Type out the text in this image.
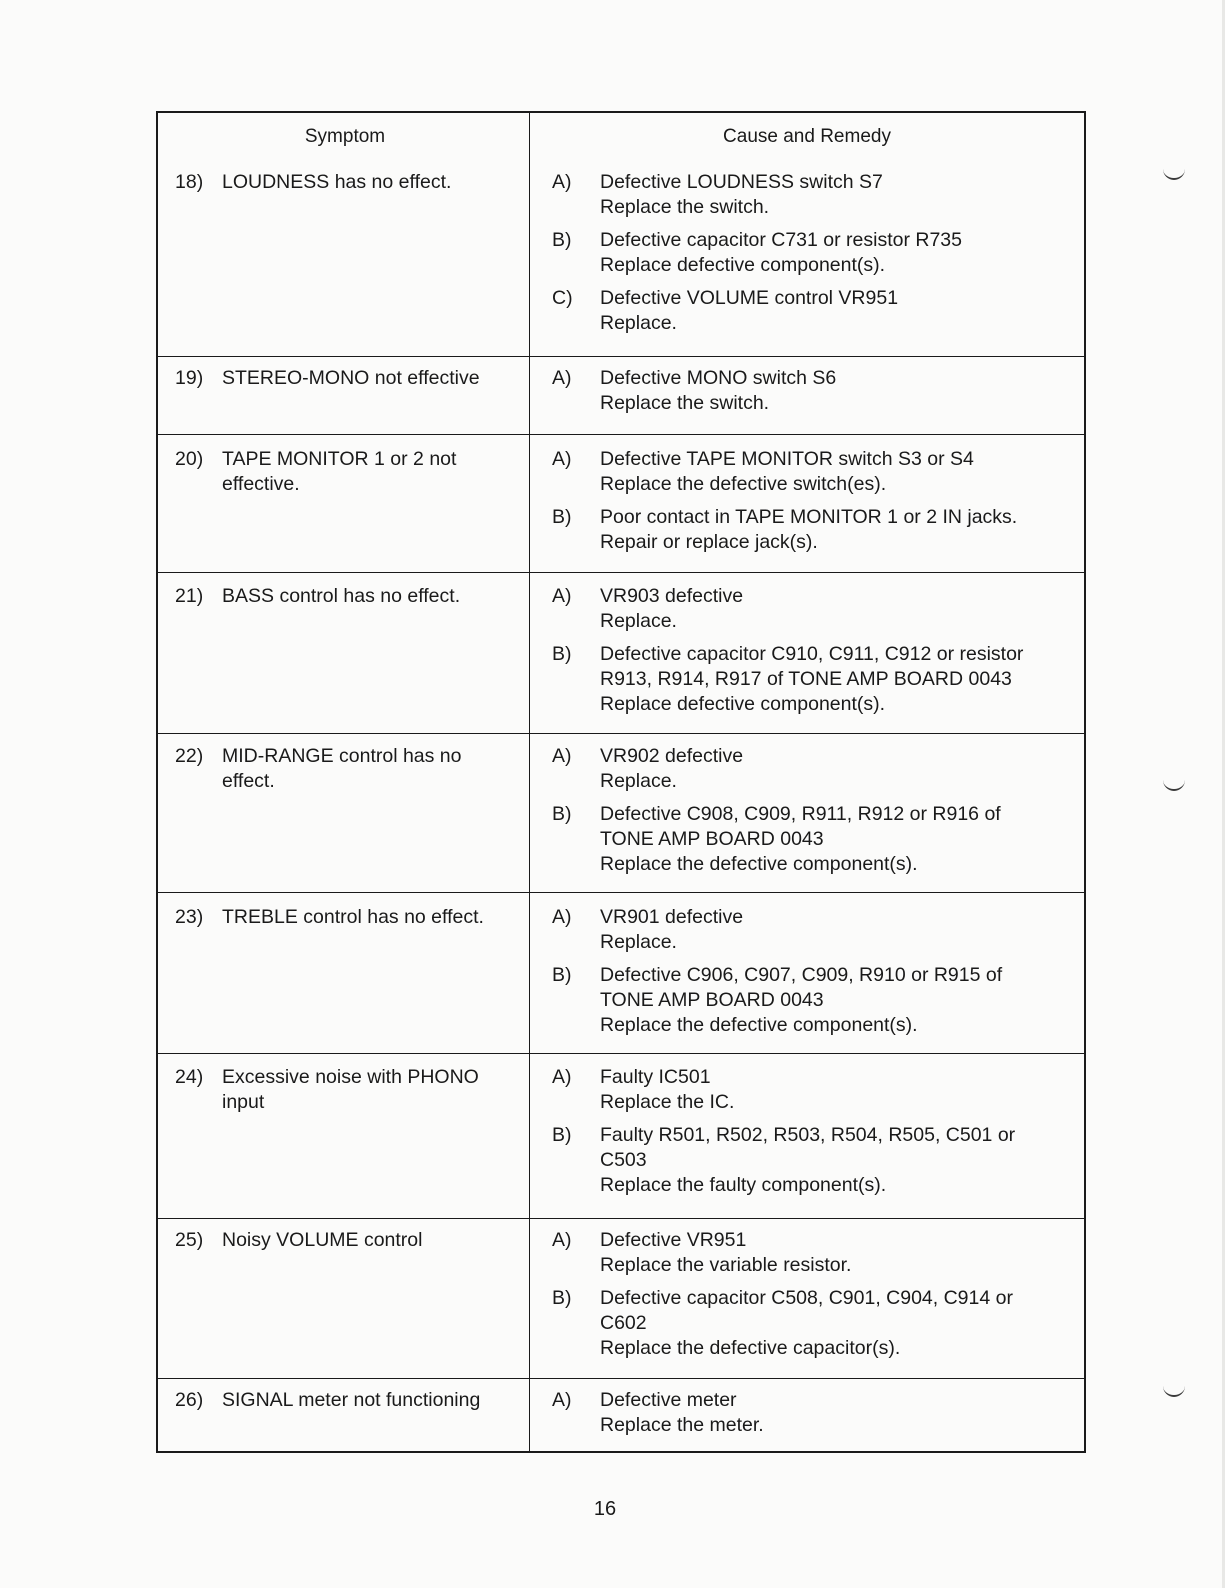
Symptom	Cause and Remedy
18) LOUDNESS has no effect.	A)	Defective LOUDNESS switch S7
Replace the switch.
B)	Defective capacitor C731 or resistor R735
Replace defective component(s).
C)	Defective VOLUME control VR951
Replace.
19) STEREO-MONO not effective	A)	Defective MONO switch S6
Replace the switch.
20) TAPE MONITOR 1 or 2 not
effective.
A)	Defective TAPE MONITOR switch S3 or S4
Replace the defective switch(es).
B)	Poor contact in TAPE MONITOR 1 or 2 IN jacks.
Repair or replace jack(s).
21) BASS control has no effect.	A)	VR903 defective
Replace.
B)	Defective capacitor C910, C911, C912 or resistor
R913, R914, R917 of TONE AMP BOARD 0043
Replace defective component(s).
22) MID-RANGE control has no
effect.
A)	VR902 defective
Replace.
B)	Defective C908, C909, R911, R912 or R916 of
TONE AMP BOARD 0043
Replace the defective component(s).
23) TREBLE control has no effect.	A)	VR901 defective
Replace.
B)	Defective C906, C907, C909, R910 or R915 of
TONE AMP BOARD 0043
Replace the defective component(s).
24) Excessive noise with PHONO
input
A)	Faulty IC501
Replace the IC.
B)	Faulty R501, R502, R503, R504, R505, C501 or
C503
Replace the faulty component(s).
25) Noisy VOLUME control	A)	Defective VR951
Replace the variable resistor.
B)	Defective capacitor C508, C901, C904, C914 or
C602
Replace the defective capacitor(s).
26) SIGNAL meter not functioning	A)	Defective meter
Replace the meter.
16
